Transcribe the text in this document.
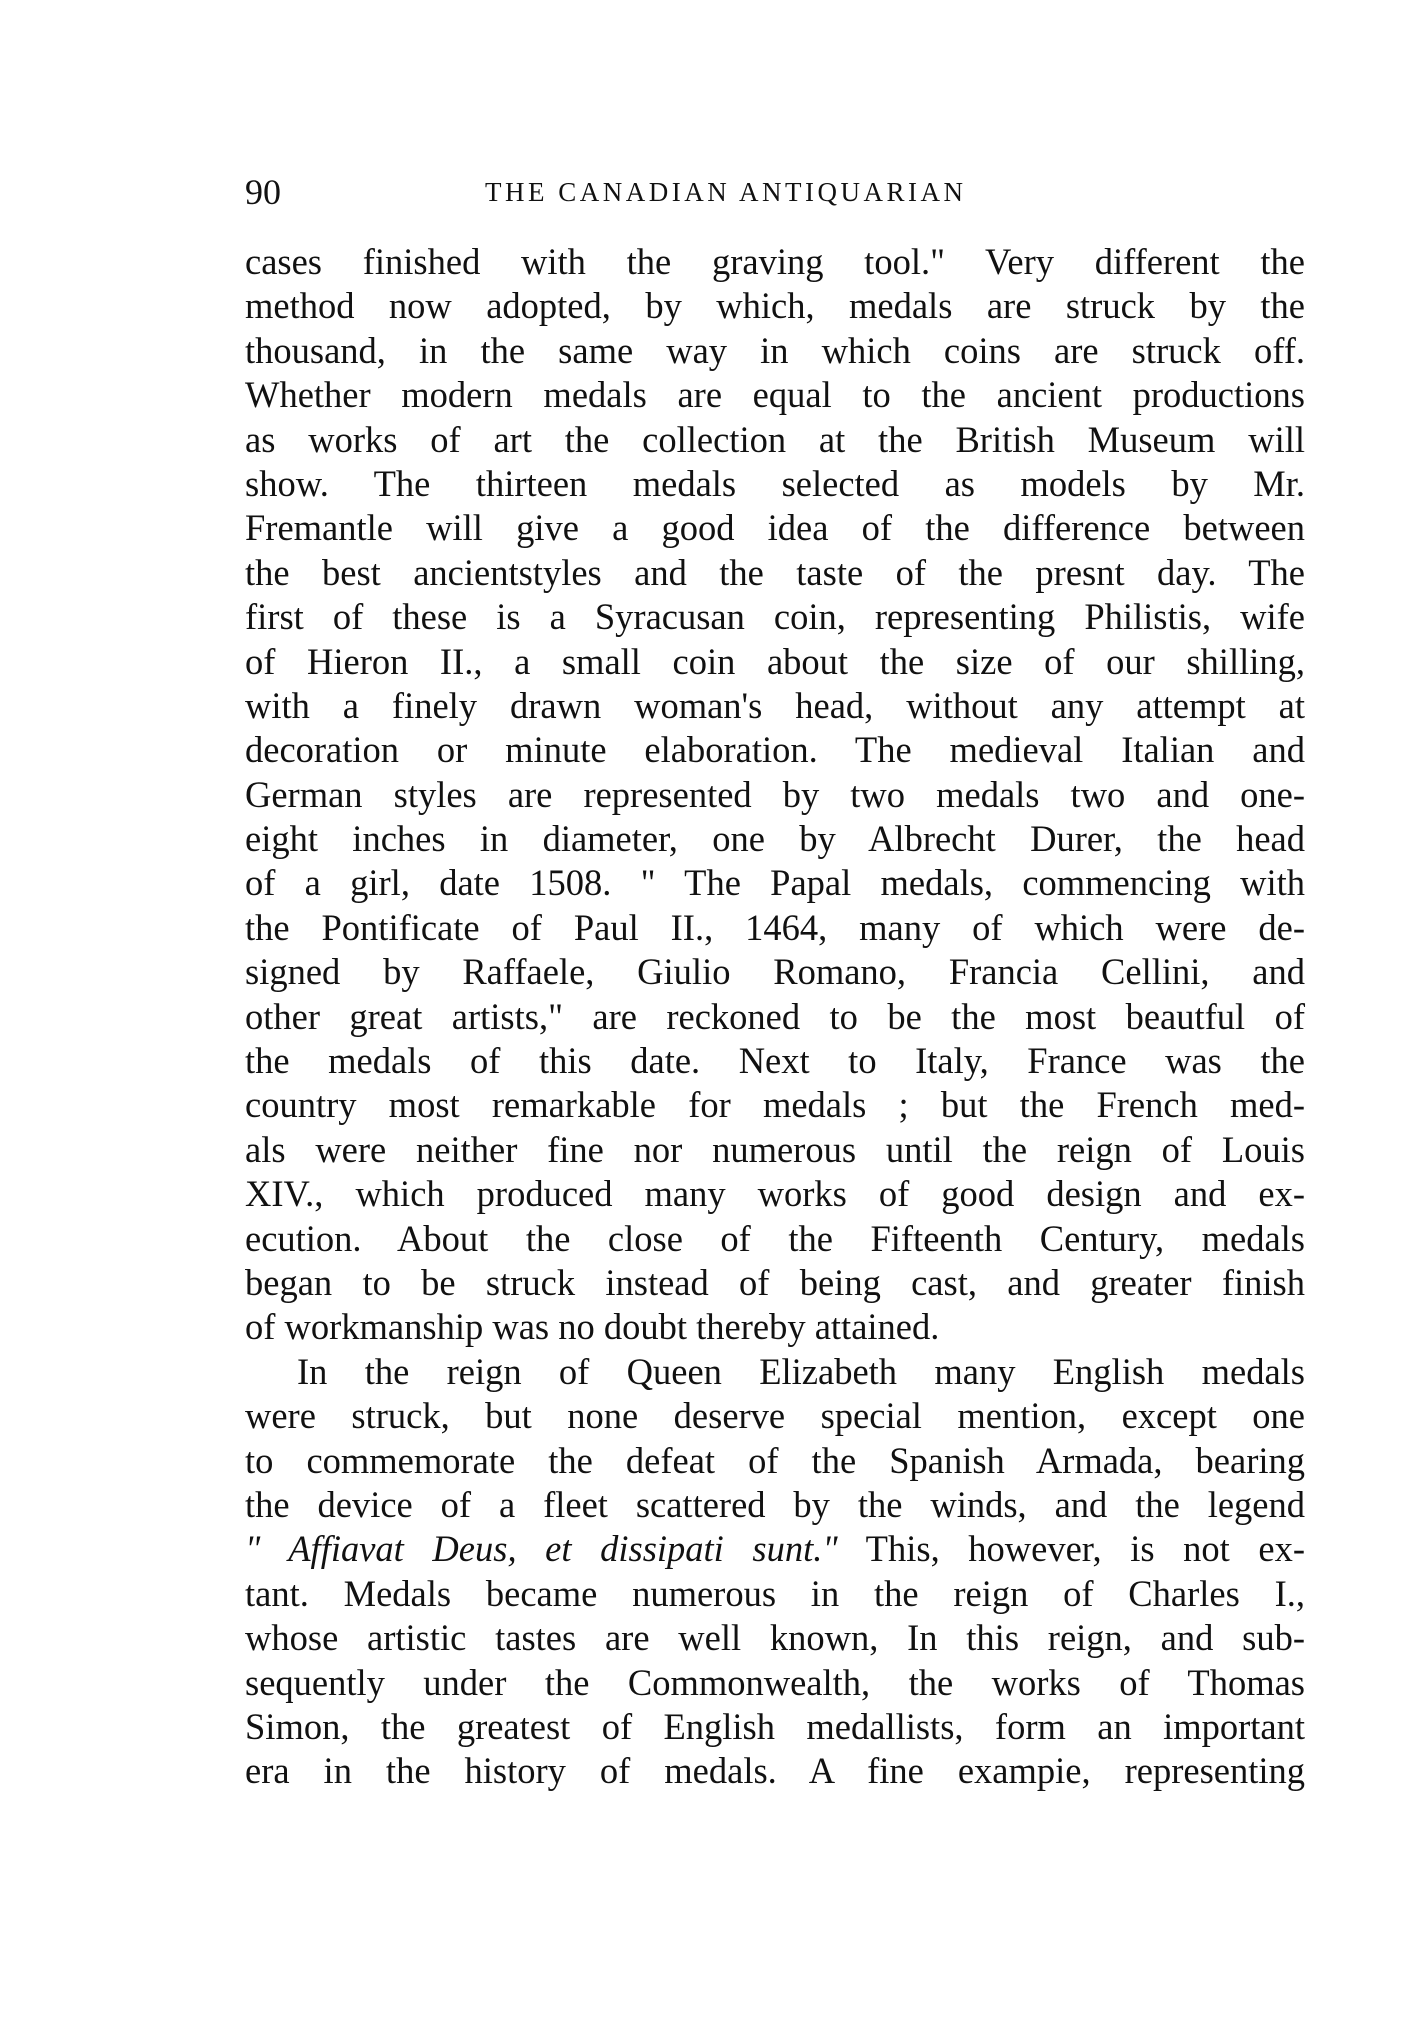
90	THE CANADIAN ANTIQUARIAN
cases finished with the graving tool." Very different the
method now adopted, by which, medals are struck by the
thousand, in the same way in which coins are struck off.
Whether modern medals are equal to the ancient productions
as works of art the collection at the British Museum will
show. The thirteen medals selected as models by Mr.
Fremantle will give a good idea of the difference between
the best ancientstyles and the taste of the presnt day. The
first of these is a Syracusan coin, representing Philistis, wife
of Hieron II., a small coin about the size of our shilling,
with a finely drawn woman's head, without any attempt at
decoration or minute elaboration. The medieval Italian and
German styles are represented by two medals two and one-
eight inches in diameter, one by Albrecht Durer, the head
of a girl, date 1508. " The Papal medals, commencing with
the Pontificate of Paul II., 1464, many of which were de-
signed by Raffaele, Giulio Romano, Francia Cellini, and
other great artists," are reckoned to be the most beautful of
the medals of this date. Next to Italy, France was the
country most remarkable for medals ; but the French med-
als were neither fine nor numerous until the reign of Louis
XIV., which produced many works of good design and ex-
ecution. About the close of the Fifteenth Century, medals
began to be struck instead of being cast, and greater finish
of workmanship was no doubt thereby attained.
In the reign of Queen Elizabeth many English medals
were struck, but none deserve special mention, except one
to commemorate the defeat of the Spanish Armada, bearing
the device of a fleet scattered by the winds, and the legend
" Affiavat Deus, et dissipati sunt." This, however, is not ex-
tant. Medals became numerous in the reign of Charles I.,
whose artistic tastes are well known, In this reign, and sub-
sequently under the Commonwealth, the works of Thomas
Simon, the greatest of English medallists, form an important
era in the history of medals. A fine exampie, representing
